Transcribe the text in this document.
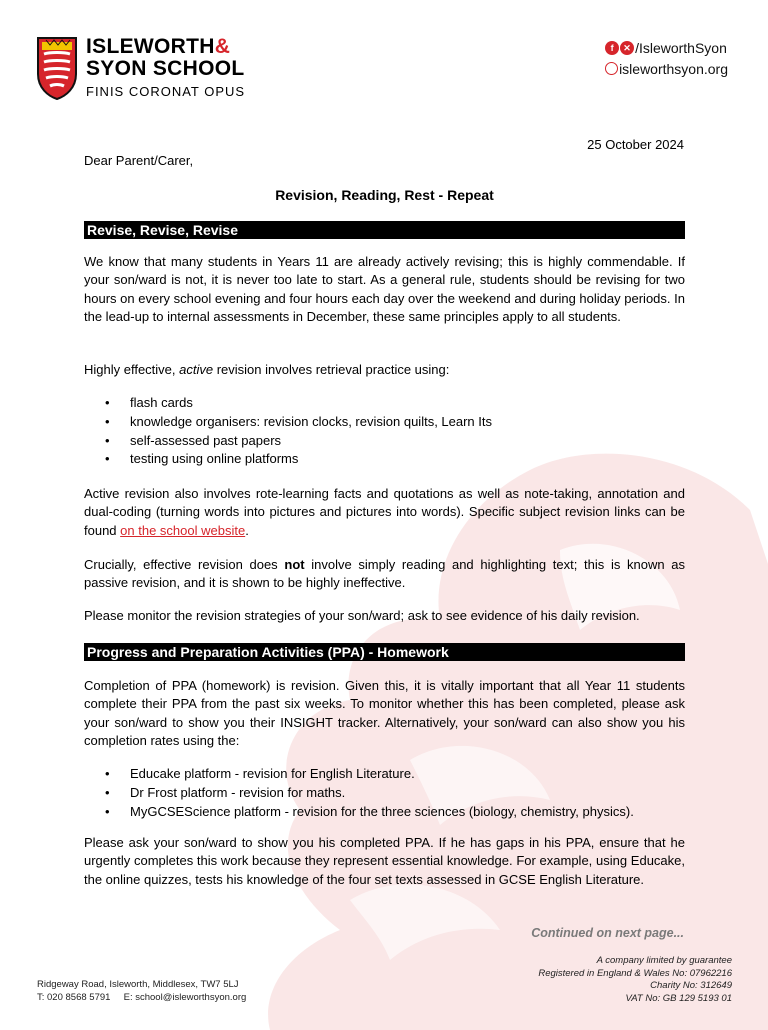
ISLEWORTH&
SYON SCHOOL
FINIS CORONAT OPUS
f	✕ /IsleworthSyon
isleworthsyon.org
25 October 2024
Dear Parent/Carer,
Revision, Reading, Rest - Repeat
Revise, Revise, Revise
We know that many students in Years 11 are already actively revising; this is highly commendable. If your son/ward is not, it is never too late to start. As a general rule, students should be revising for two hours on every school evening and four hours each day over the weekend and during holiday periods. In the lead-up to internal assessments in December, these same principles apply to all students.
Highly effective, active revision involves retrieval practice using:
• flash cards
• knowledge organisers: revision clocks, revision quilts, Learn Its
• self-assessed past papers
• testing using online platforms
Active revision also involves rote-learning facts and quotations as well as note-taking, annotation and dual-coding (turning words into pictures and pictures into words). Specific subject revision links can be found on the school website.
Crucially, effective revision does not involve simply reading and highlighting text; this is known as passive revision, and it is shown to be highly ineffective.
Please monitor the revision strategies of your son/ward; ask to see evidence of his daily revision.
Progress and Preparation Activities (PPA) - Homework
Completion of PPA (homework) is revision. Given this, it is vitally important that all Year 11 students complete their PPA from the past six weeks. To monitor whether this has been completed, please ask your son/ward to show you their INSIGHT tracker. Alternatively, your son/ward can also show you his completion rates using the:
• Educake platform - revision for English Literature.
• Dr Frost platform - revision for maths.
• MyGCSEScience platform - revision for the three sciences (biology, chemistry, physics).
Please ask your son/ward to show you his completed PPA. If he has gaps in his PPA, ensure that he urgently completes this work because they represent essential knowledge. For example, using Educake, the online quizzes, tests his knowledge of the four set texts assessed in GCSE English Literature.
Continued on next page...
Ridgeway Road, Isleworth, Middlesex, TW7 5LJ
T: 020 8568 5791     E: school@isleworthsyon.org
A company limited by guarantee
Registered in England & Wales No: 07962216
Charity No: 312649
VAT No: GB 129 5193 01
